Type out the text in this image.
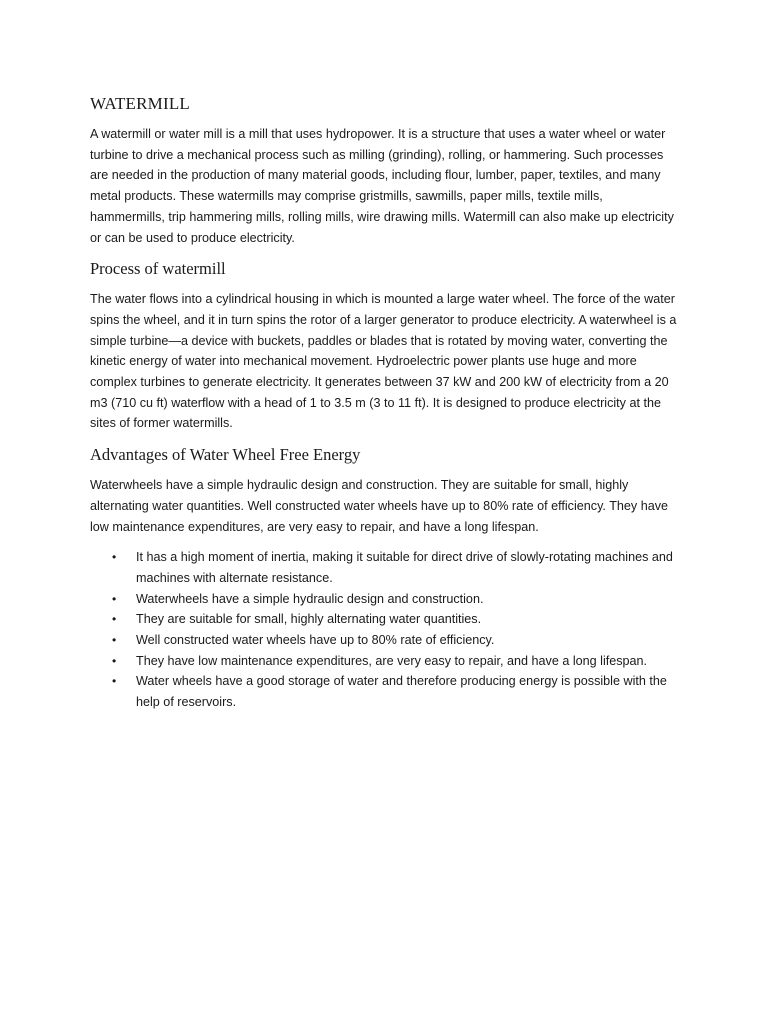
WATERMILL

A watermill or water mill is a mill that uses hydropower. It is a structure that uses a water wheel or water turbine to drive a mechanical process such as milling (grinding), rolling, or hammering. Such processes are needed in the production of many material goods, including flour, lumber, paper, textiles, and many metal products. These watermills may comprise gristmills, sawmills, paper mills, textile mills, hammermills, trip hammering mills, rolling mills, wire drawing mills. Watermill can also make up electricity or can be used to produce electricity.

Process of watermill

The water flows into a cylindrical housing in which is mounted a large water wheel. The force of the water spins the wheel, and it in turn spins the rotor of a larger generator to produce electricity. A waterwheel is a simple turbine—a device with buckets, paddles or blades that is rotated by moving water, converting the kinetic energy of water into mechanical movement. Hydroelectric power plants use huge and more complex turbines to generate electricity. It generates between 37 kW and 200 kW of electricity from a 20 m3 (710 cu ft) waterflow with a head of 1 to 3.5 m (3 to 11 ft). It is designed to produce electricity at the sites of former watermills.

Advantages of Water Wheel Free Energy

Waterwheels have a simple hydraulic design and construction. They are suitable for small, highly alternating water quantities. Well constructed water wheels have up to 80% rate of efficiency. They have low maintenance expenditures, are very easy to repair, and have a long lifespan.

• It has a high moment of inertia, making it suitable for direct drive of slowly-rotating machines and machines with alternate resistance.
• Waterwheels have a simple hydraulic design and construction.
• They are suitable for small, highly alternating water quantities.
• Well constructed water wheels have up to 80% rate of efficiency.
• They have low maintenance expenditures, are very easy to repair, and have a long lifespan.
• Water wheels have a good storage of water and therefore producing energy is possible with the help of reservoirs.
